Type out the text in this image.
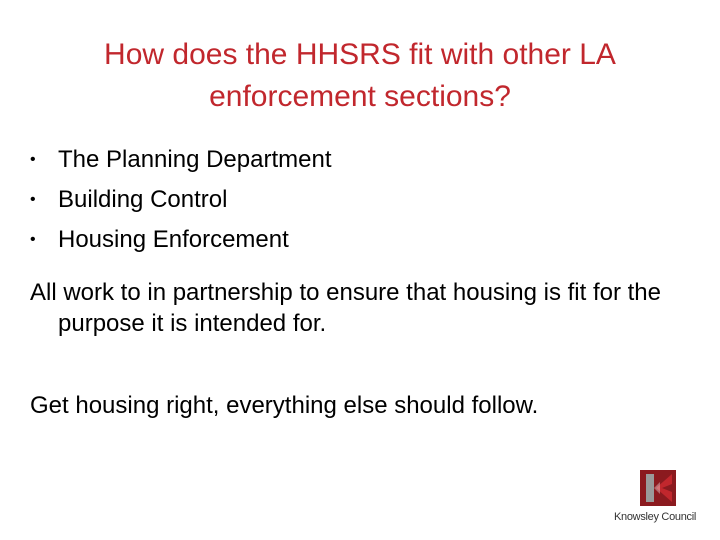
How does the HHSRS fit with other LA enforcement sections?
• The Planning Department
• Building Control
• Housing Enforcement

All work to in partnership to ensure that housing is fit for the purpose it is intended for.

Get housing right, everything else should follow.

Knowsley Council
